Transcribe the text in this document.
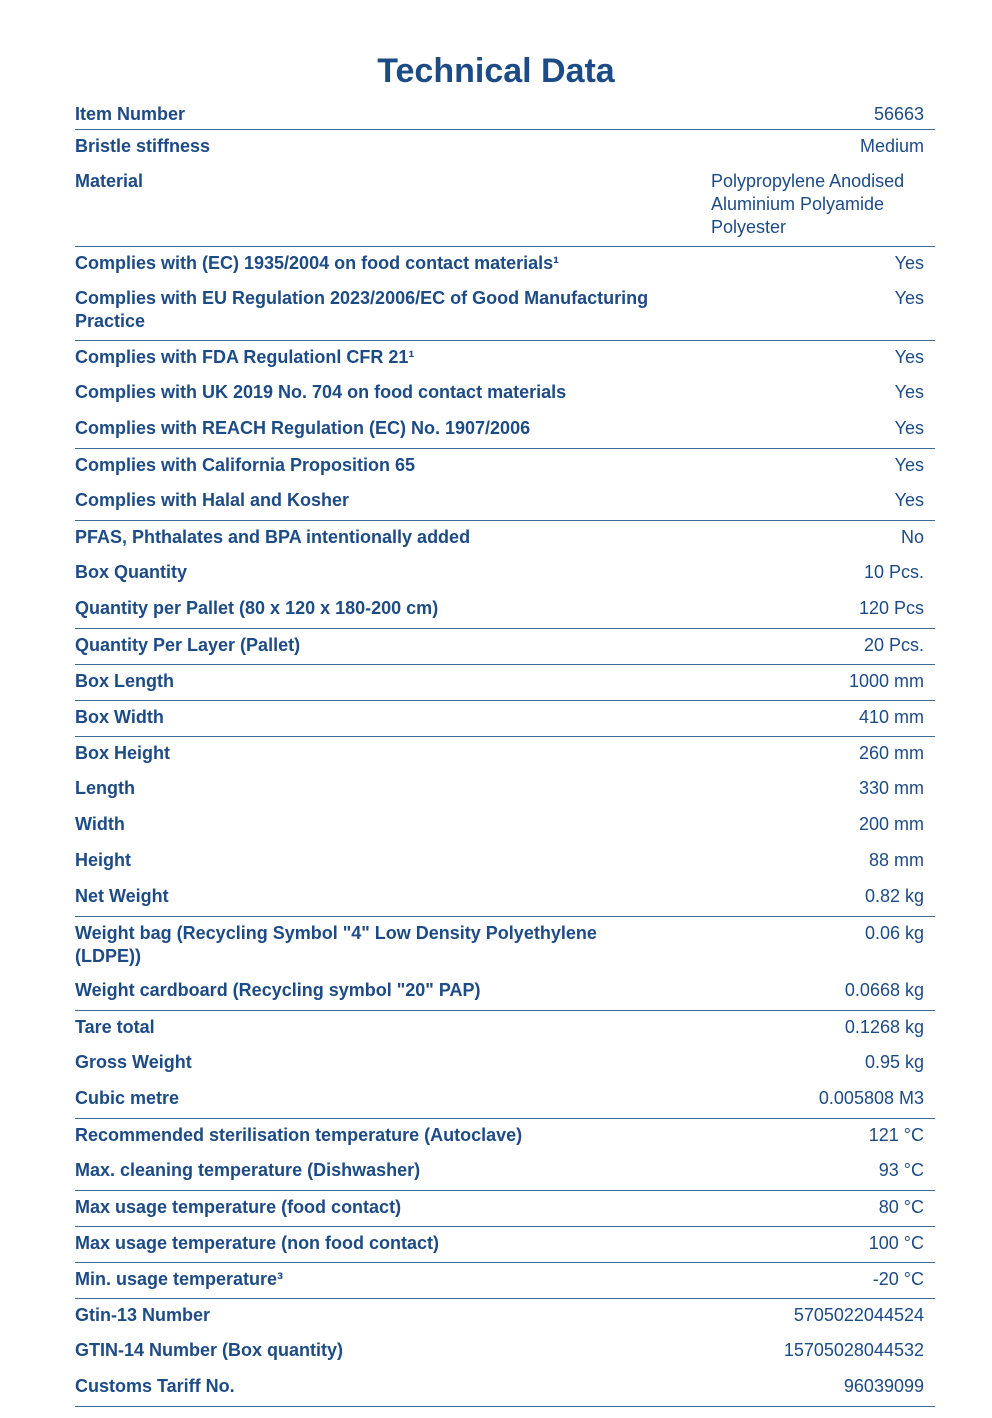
Technical Data
Item Number	56663
Bristle stiffness	Medium
Material	Polypropylene Anodised Aluminium Polyamide Polyester
Complies with (EC) 1935/2004 on food contact materials¹	Yes

Complies with EU Regulation 2023/2006/EC of Good Manufacturing Practice	Yes
Complies with FDA Regulationl CFR 21¹	Yes
Complies with UK 2019 No. 704 on food contact materials	Yes
Complies with REACH Regulation (EC) No. 1907/2006	Yes
Complies with California Proposition 65	Yes
Complies with Halal and Kosher	Yes
PFAS, Phthalates and BPA intentionally added	No
Box Quantity	10 Pcs.
Quantity per Pallet (80 x 120 x 180-200 cm)	120 Pcs
Quantity Per Layer (Pallet)	20 Pcs.
Box Length	1000 mm
Box Width	410 mm
Box Height	260 mm
Length	330 mm
Width	200 mm
Height	88 mm
Net Weight	0.82 kg

Weight bag (Recycling Symbol "4" Low Density Polyethylene (LDPE))	0.06 kg
Weight cardboard (Recycling symbol "20" PAP)	0.0668 kg
Tare total	0.1268 kg
Gross Weight	0.95 kg
Cubic metre	0.005808 M3
Recommended sterilisation temperature (Autoclave)	121 °C
Max. cleaning temperature (Dishwasher)	93 °C
Max usage temperature (food contact)	80 °C
Max usage temperature (non food contact)	100 °C
Min. usage temperature³	-20 °C
Gtin-13 Number	5705022044524
GTIN-14 Number (Box quantity)	15705028044532
Customs Tariff No.	96039099
